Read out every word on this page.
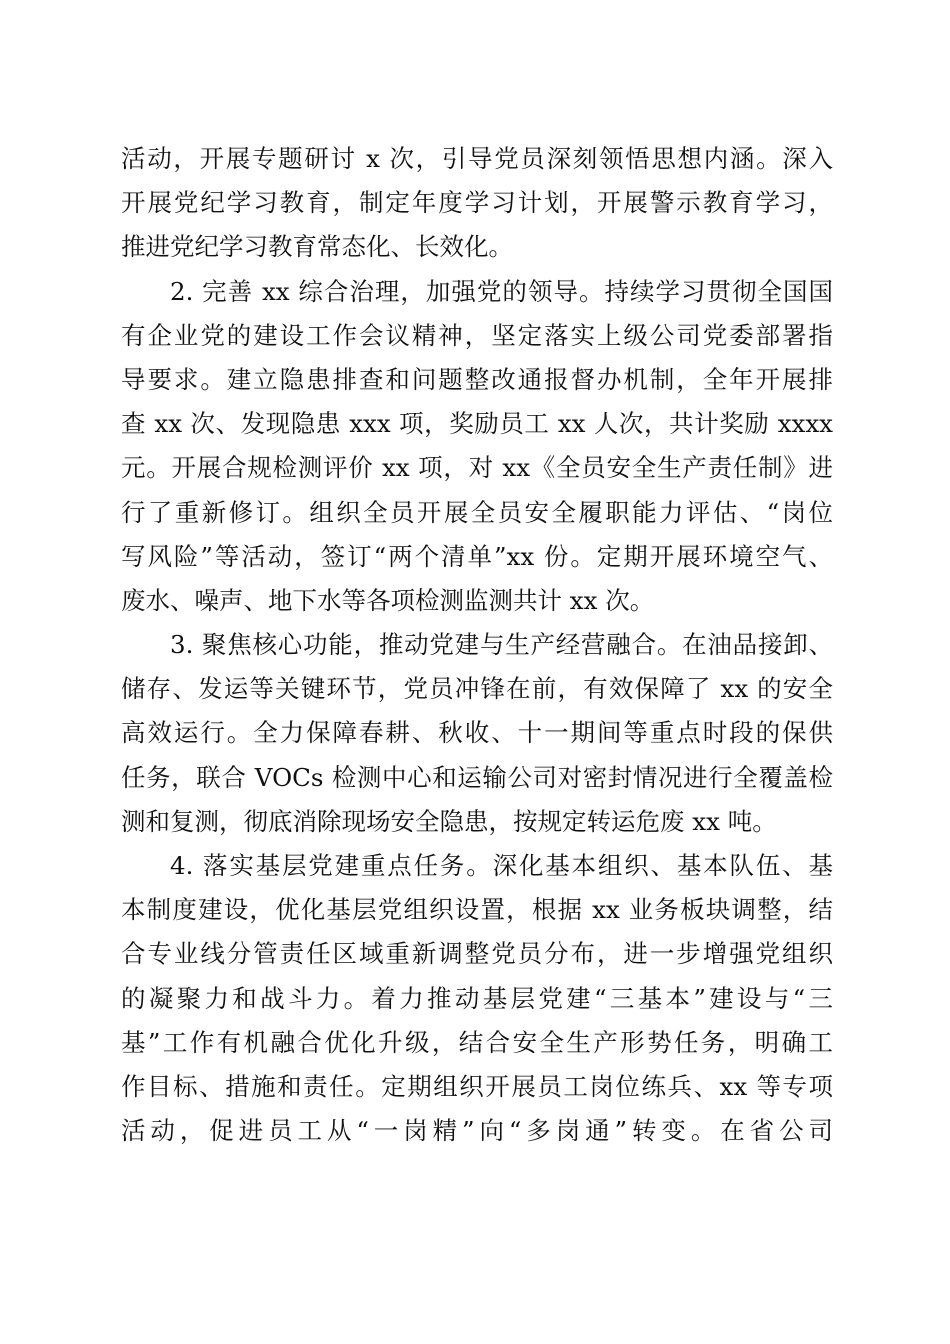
活动，开展专题研讨 x 次，引导党员深刻领悟思想内涵。深入
开展党纪学习教育，制定年度学习计划，开展警示教育学习，
推进党纪学习教育常态化、长效化。
2. 完善 xx 综合治理，加强党的领导。持续学习贯彻全国国
有企业党的建设工作会议精神，坚定落实上级公司党委部署指
导要求。建立隐患排查和问题整改通报督办机制，全年开展排
查 xx 次、发现隐患 xxx 项，奖励员工 xx 人次，共计奖励 xxxx
元。开展合规检测评价 xx 项，对 xx《全员安全生产责任制》进
行了重新修订。组织全员开展全员安全履职能力评估、“岗位
写风险”等活动，签订“两个清单”xx 份。定期开展环境空气、
废水、噪声、地下水等各项检测监测共计 xx 次。
3. 聚焦核心功能，推动党建与生产经营融合。在油品接卸、
储存、发运等关键环节，党员冲锋在前，有效保障了 xx 的安全
高效运行。全力保障春耕、秋收、十一期间等重点时段的保供
任务，联合 VOCs 检测中心和运输公司对密封情况进行全覆盖检
测和复测，彻底消除现场安全隐患，按规定转运危废 xx 吨。
4. 落实基层党建重点任务。深化基本组织、基本队伍、基
本制度建设，优化基层党组织设置，根据 xx 业务板块调整，结
合专业线分管责任区域重新调整党员分布，进一步增强党组织
的凝聚力和战斗力。着力推动基层党建“三基本”建设与“三
基”工作有机融合优化升级，结合安全生产形势任务，明确工
作目标、措施和责任。定期组织开展员工岗位练兵、xx 等专项
活动，促进员工从“一岗精”向“多岗通”转变。在省公司
